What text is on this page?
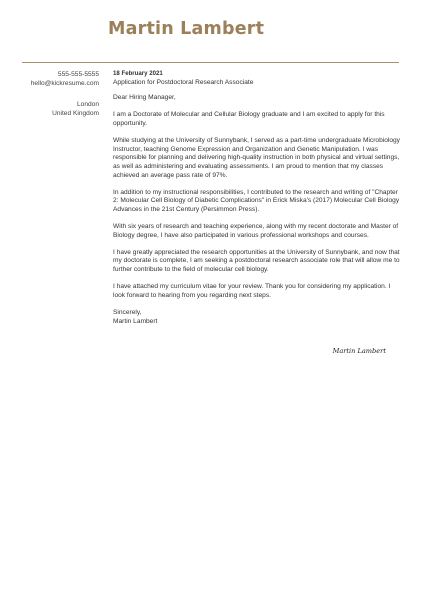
Martin Lambert
555-555-5555
hello@kickresume.com
London
United Kingdom
18 February 2021
Application for Postdoctoral Research Associate

Dear Hiring Manager,

I am a Doctorate of Molecular and Cellular Biology graduate and I am excited to apply for this opportunity.

While studying at the University of Sunnybank, I served as a part-time undergraduate Microbiology Instructor, teaching Genome Expression and Organization and Genetic Manipulation. I was responsible for planning and delivering high-quality instruction in both physical and virtual settings, as well as administering and evaluating assessments. I am proud to mention that my classes achieved an average pass rate of 97%.

In addition to my instructional responsibilities, I contributed to the research and writing of "Chapter 2: Molecular Cell Biology of Diabetic Complications" in Erick Miska's (2017) Molecular Cell Biology Advances in the 21st Century (Persimmon Press).

With six years of research and teaching experience, along with my recent doctorate and Master of Biology degree, I have also participated in various professional workshops and courses.

I have greatly appreciated the research opportunities at the University of Sunnybank, and now that my doctorate is complete, I am seeking a postdoctoral research associate role that will allow me to further contribute to the field of molecular cell biology.

I have attached my curriculum vitae for your review. Thank you for considering my application. I look forward to hearing from you regarding next steps.

Sincerely,
Martin Lambert
Martin Lambert
